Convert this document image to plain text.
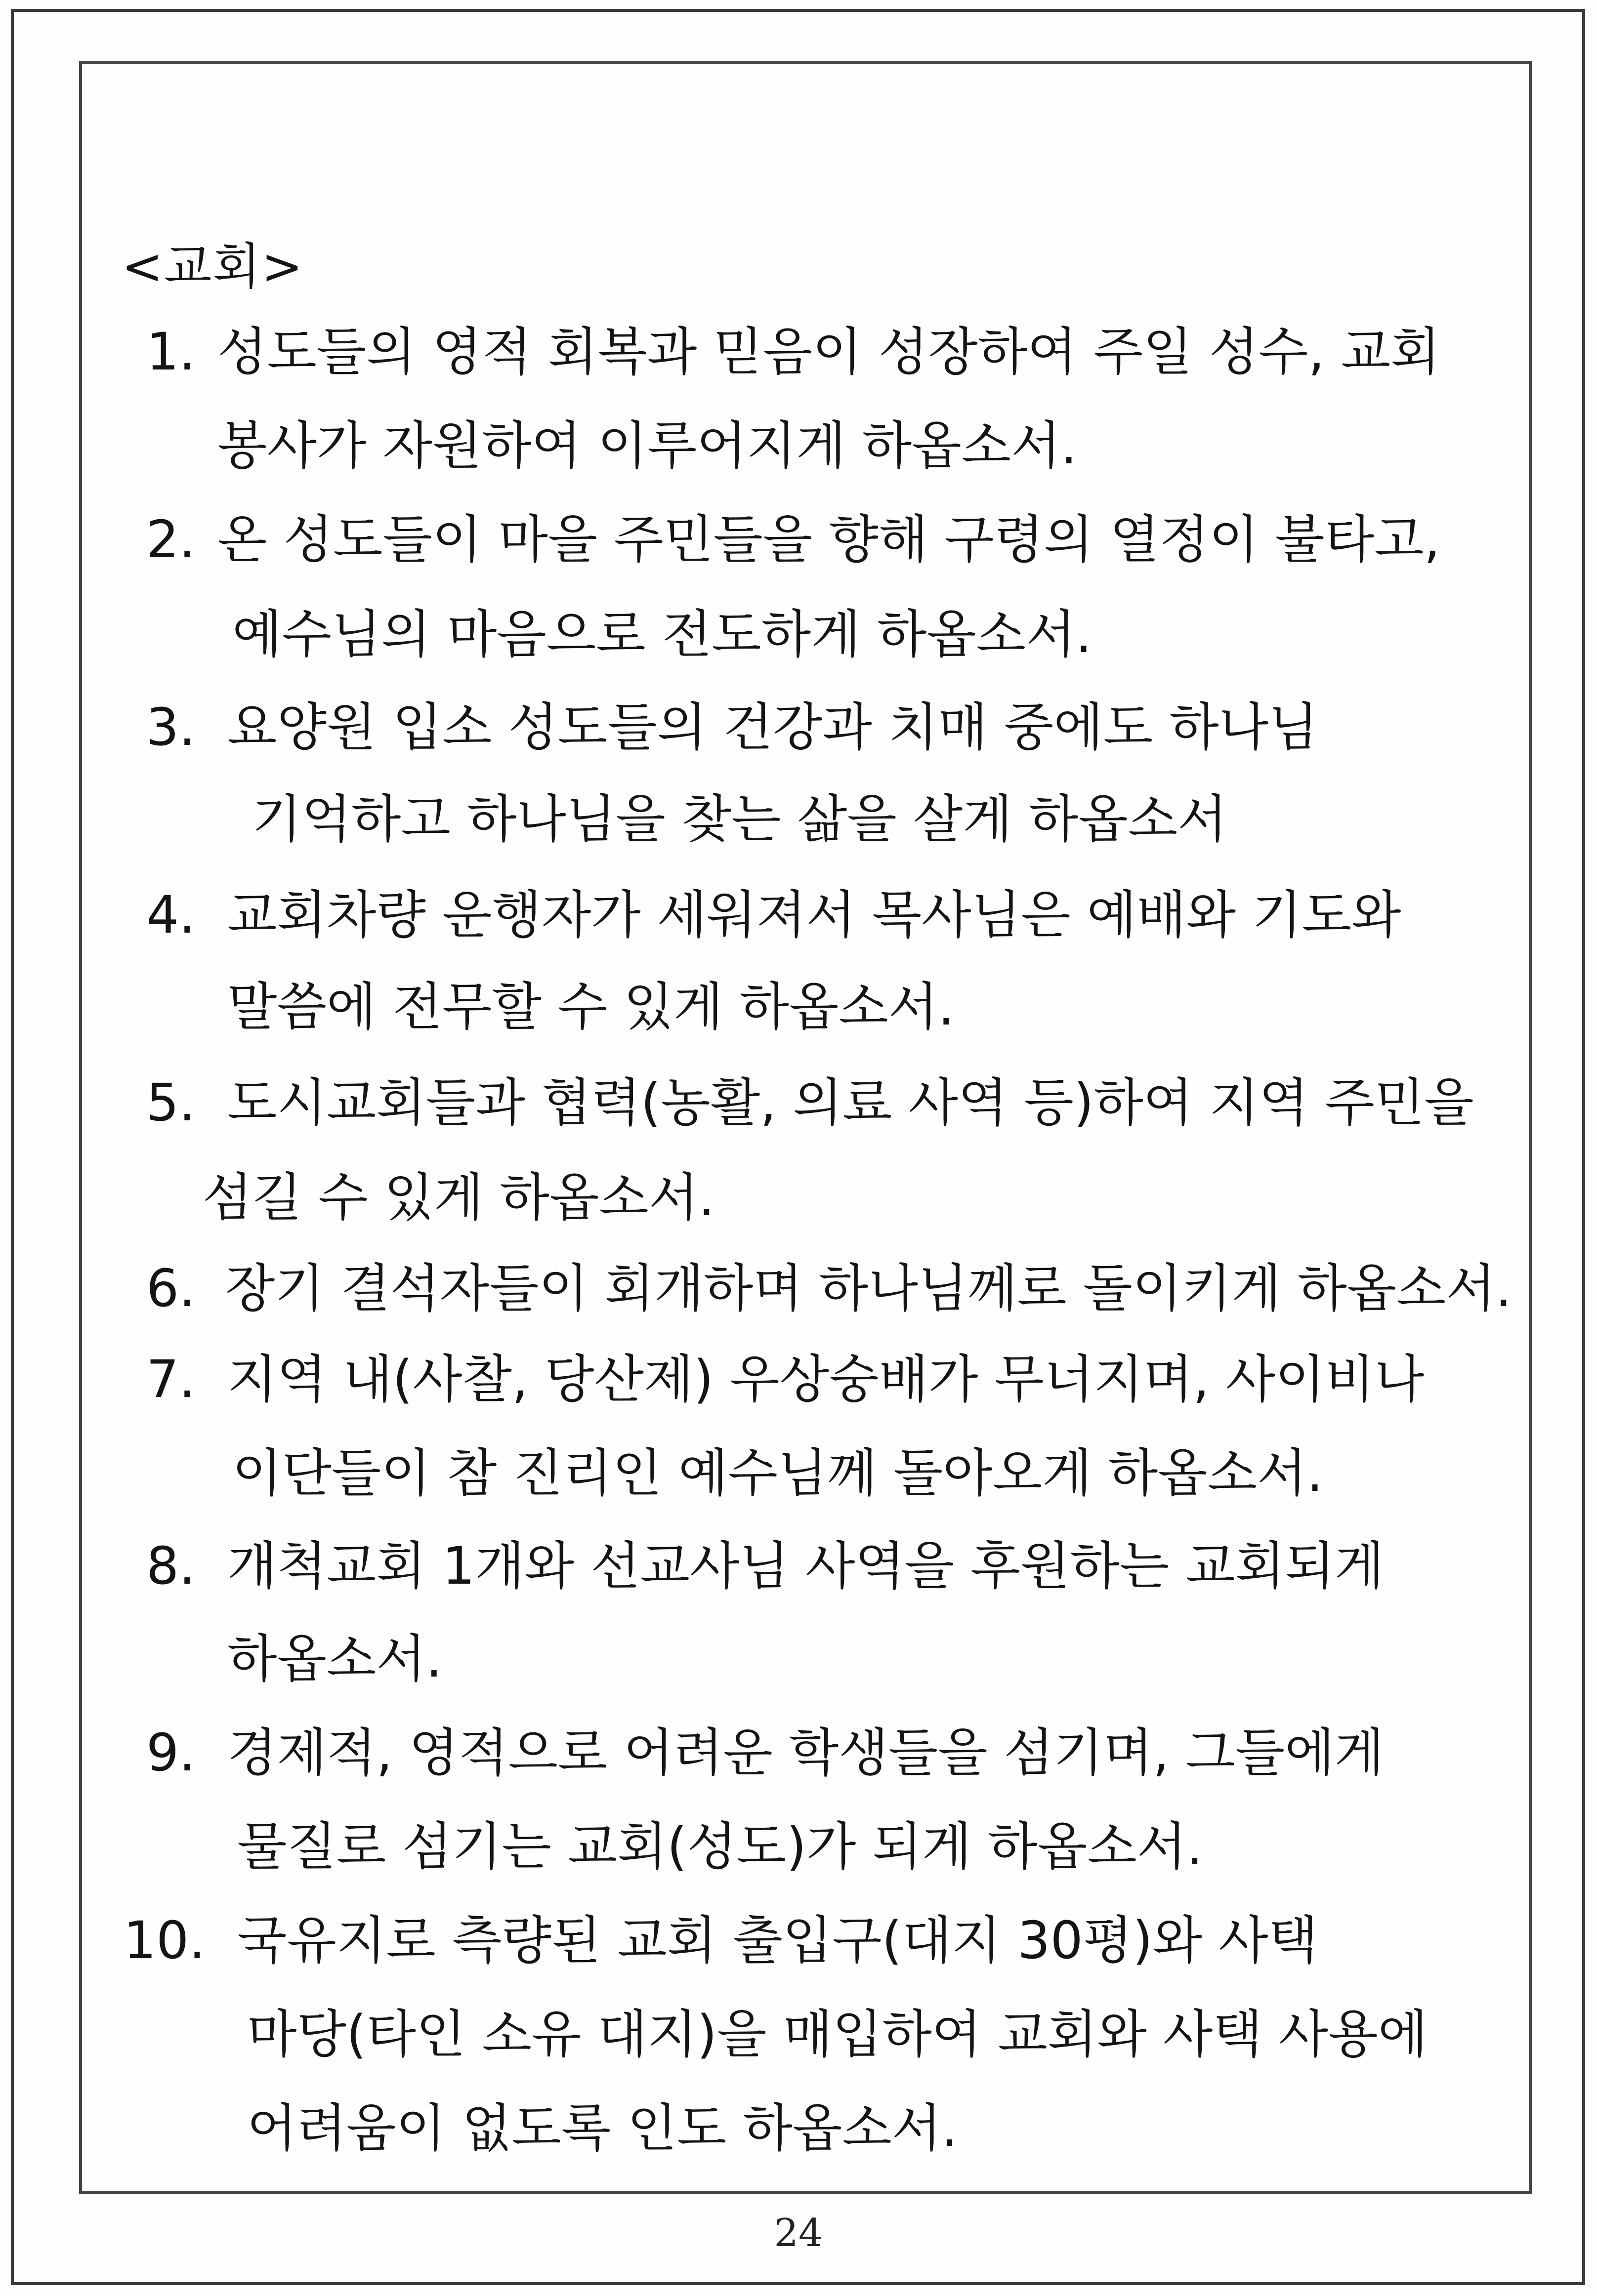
<교회>
1. 성도들의 영적 회복과 믿음이 성장하여 주일 성수, 교회
봉사가 자원하여 이루어지게 하옵소서.
2. 온 성도들이 마을 주민들을 향해 구령의 열정이 불타고,
예수님의 마음으로 전도하게 하옵소서.
3. 요양원 입소 성도들의 건강과 치매 중에도 하나님
기억하고 하나님을 찾는 삶을 살게 하옵소서
4. 교회차량 운행자가 세워져서 목사님은 예배와 기도와
말씀에 전무할 수 있게 하옵소서.
5. 도시교회들과 협력(농활, 의료 사역 등)하여 지역 주민을
섬길 수 있게 하옵소서.
6. 장기 결석자들이 회개하며 하나님께로 돌이키게 하옵소서.
7. 지역 내(사찰, 당산제) 우상숭배가 무너지며, 사이비나
이단들이 참 진리인 예수님께 돌아오게 하옵소서.
8. 개척교회 1개와 선교사님 사역을 후원하는 교회되게
하옵소서.
9. 경제적, 영적으로 어려운 학생들을 섬기며, 그들에게
물질로 섬기는 교회(성도)가 되게 하옵소서.
10. 국유지로 측량된 교회 출입구(대지 30평)와 사택
마당(타인 소유 대지)을 매입하여 교회와 사택 사용에
어려움이 없도록 인도 하옵소서.
24
